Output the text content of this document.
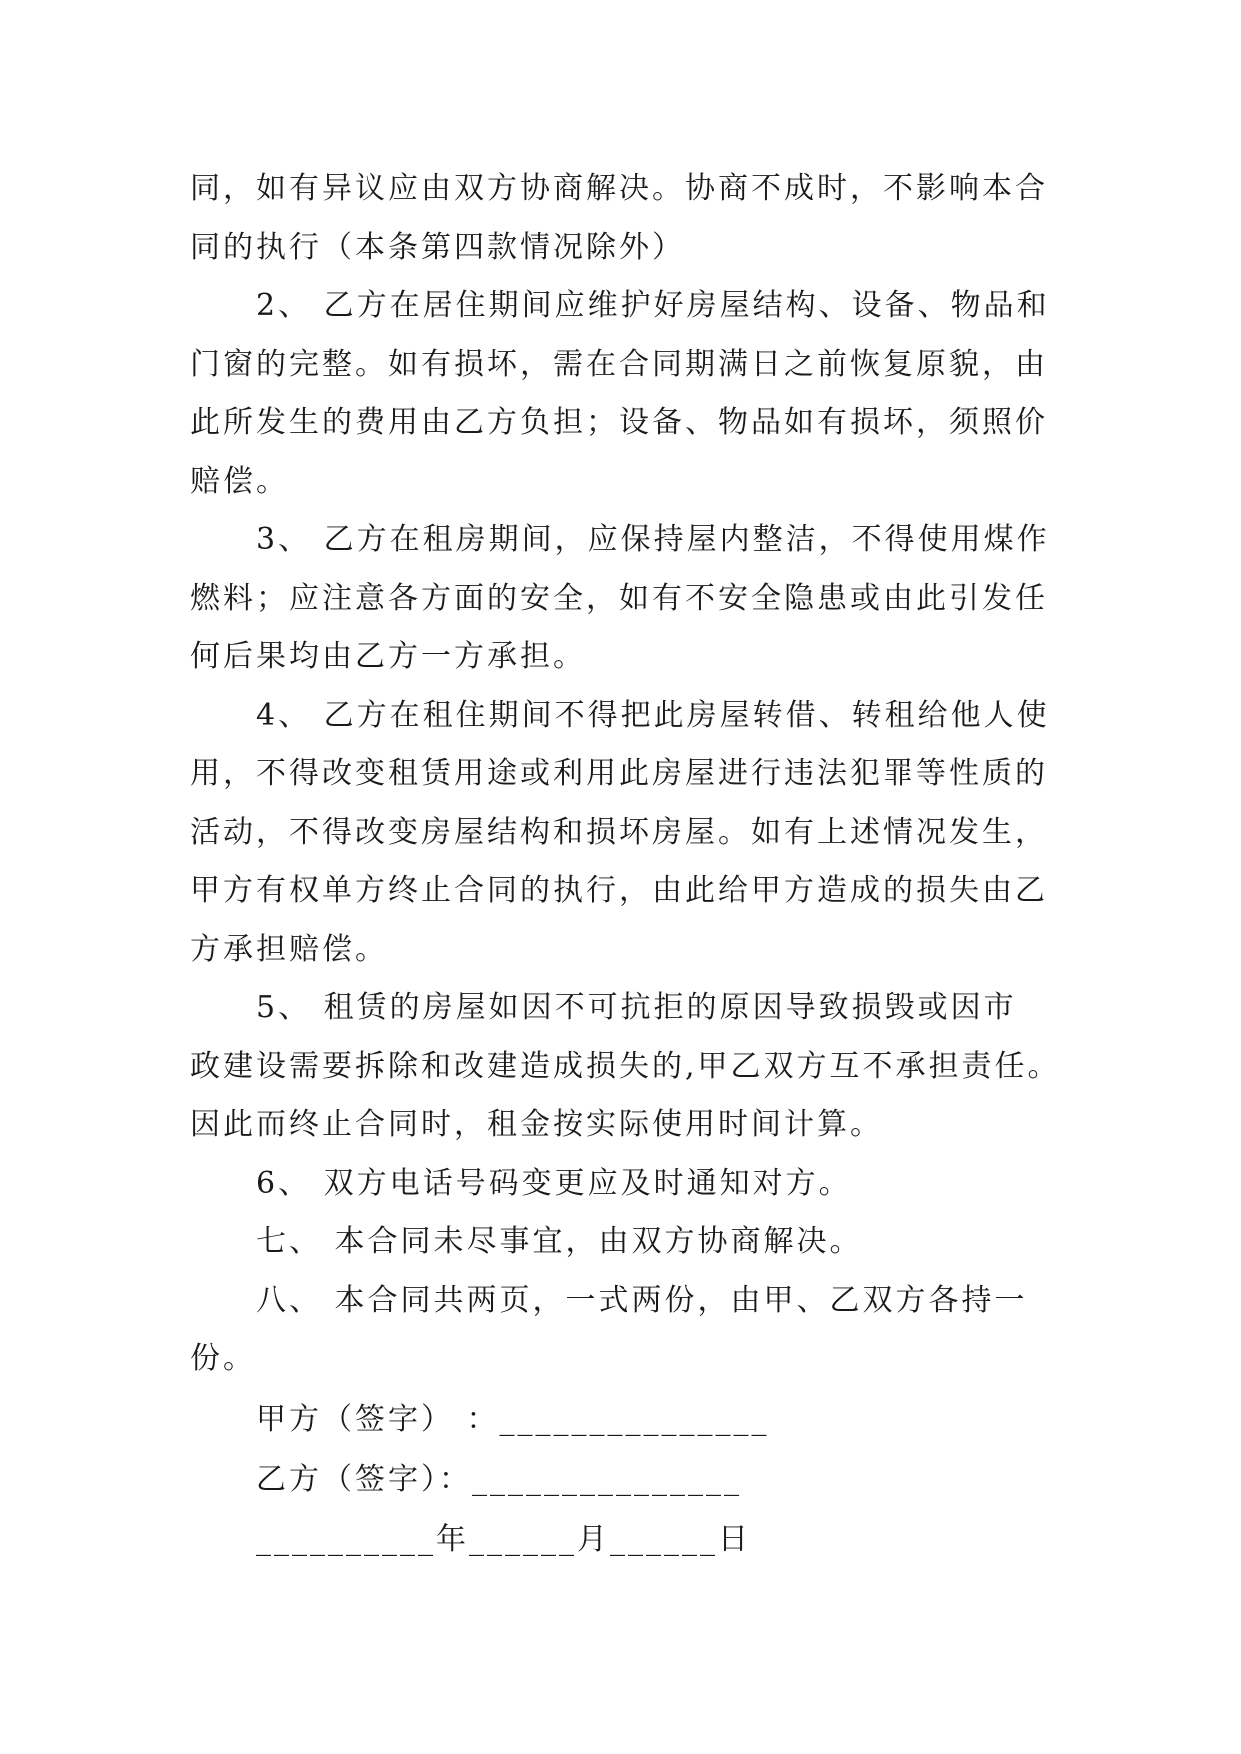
同，如有异议应由双方协商解决。协商不成时，不影响本合
同的执行（本条第四款情况除外）
2、 乙方在居住期间应维护好房屋结构、设备、物品和
门窗的完整。如有损坏，需在合同期满日之前恢复原貌，由
此所发生的费用由乙方负担；设备、物品如有损坏，须照价
赔偿。
3、 乙方在租房期间，应保持屋内整洁，不得使用煤作
燃料；应注意各方面的安全，如有不安全隐患或由此引发任
何后果均由乙方一方承担。
4、 乙方在租住期间不得把此房屋转借、转租给他人使
用，不得改变租赁用途或利用此房屋进行违法犯罪等性质的
活动，不得改变房屋结构和损坏房屋。如有上述情况发生，
甲方有权单方终止合同的执行，由此给甲方造成的损失由乙
方承担赔偿。
5、 租赁的房屋如因不可抗拒的原因导致损毁或因市
政建设需要拆除和改建造成损失的,甲乙双方互不承担责任。
因此而终止合同时，租金按实际使用时间计算。
6、 双方电话号码变更应及时通知对方。
七、 本合同未尽事宜，由双方协商解决。
八、 本合同共两页，一式两份，由甲、乙双方各持一
份。
甲方（签字） ：_______________
乙方（签字）：_______________
__________年______月______日
